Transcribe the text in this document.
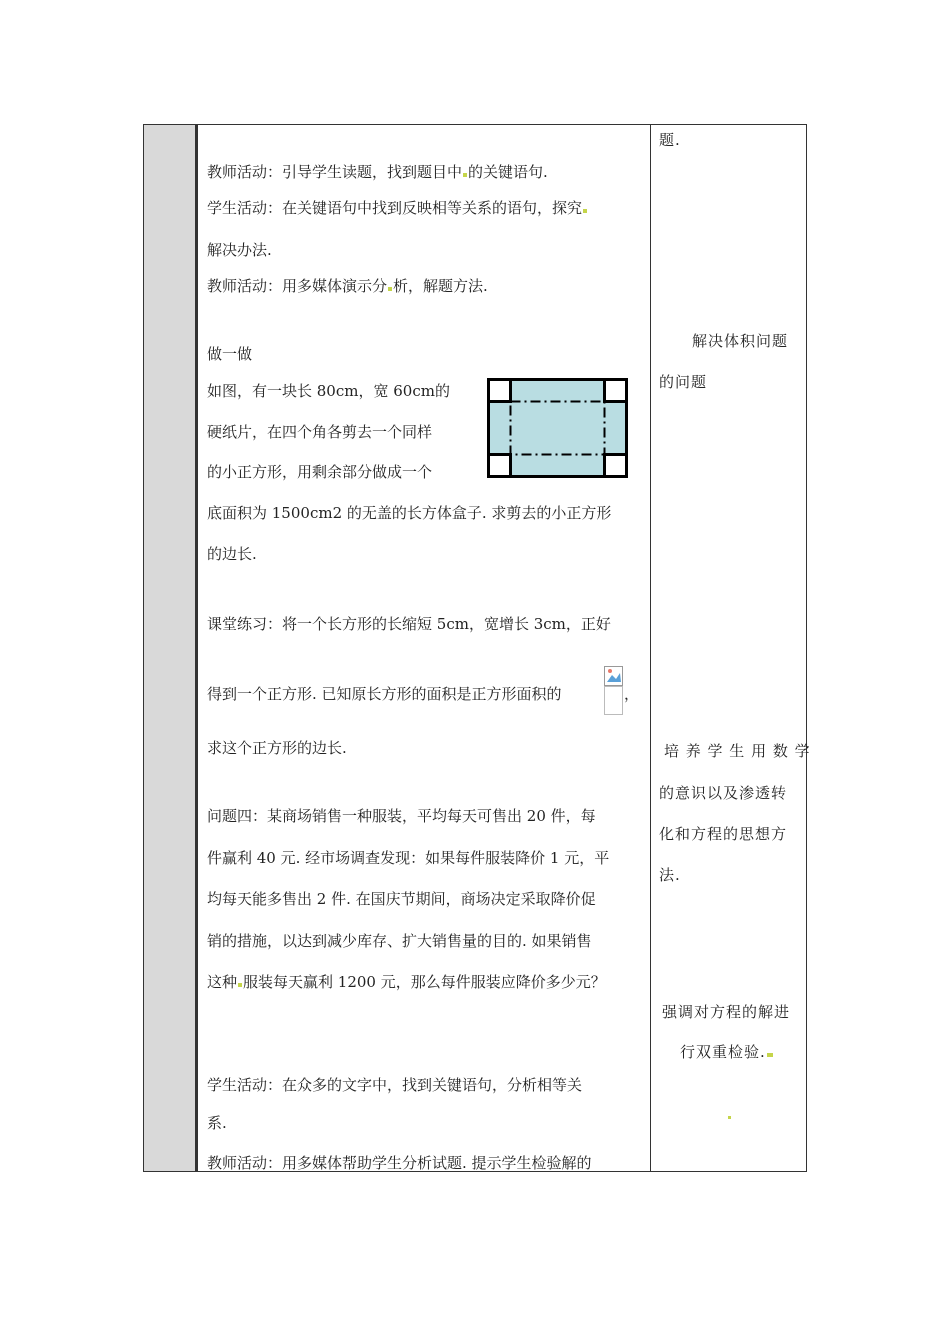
题.
教师活动：引导学生读题，找到题目中 的关键语句.
学生活动：在关键语句中找到反映相等关系的语句，探究
解决办法.
教师活动：用多媒体演示分 析，解题方法.
做一做
如图，有一块长 80cm，宽 60cm的
硬纸片，在四个角各剪去一个同样
的小正方形，用剩余部分做成一个
底面积为 1500cm2 的无盖的长方体盒子. 求剪去的小正方形
的边长.
课堂练习：将一个长方形的长缩短 5cm，宽增长 3cm，正好
得到一个正方形. 已知原长方形的面积是正方形面积的	，
求这个正方形的边长.
问题四：某商场销售一种服装，平均每天可售出 20 件，每
件赢利 40 元. 经市场调查发现：如果每件服装降价 1 元，平
均每天能多售出 2 件. 在国庆节期间，商场决定采取降价促
销的措施，以达到减少库存、扩大销售量的目的. 如果销售
这种 服装每天赢利 1200 元，那么每件服装应降价多少元？
学生活动：在众多的文字中，找到关键语句，分析相等关
系.
教师活动：用多媒体帮助学生分析试题. 提示学生检验解的
解决体积问题
的问题
培 养 学 生 用 数 学
的意识以及渗透转
化和方程的思想方
法.
强调对方程的解进
行双重检验.
